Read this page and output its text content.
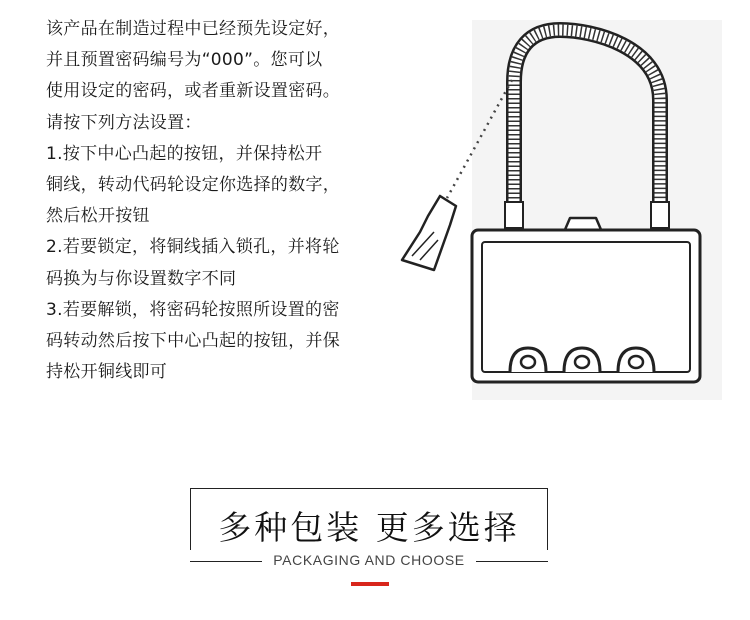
该产品在制造过程中已经预先设定好，
并且预置密码编号为“000”。您可以
使用设定的密码，或者重新设置密码。
请按下列方法设置：
1.按下中心凸起的按钮，并保持松开
铜线，转动代码轮设定你选择的数字，
然后松开按钮
2.若要锁定，将铜线插入锁孔，并将轮
码换为与你设置数字不同
3.若要解锁，将密码轮按照所设置的密
码转动然后按下中心凸起的按钮，并保
持松开铜线即可
多种包装 更多选择
PACKAGING AND CHOOSE
